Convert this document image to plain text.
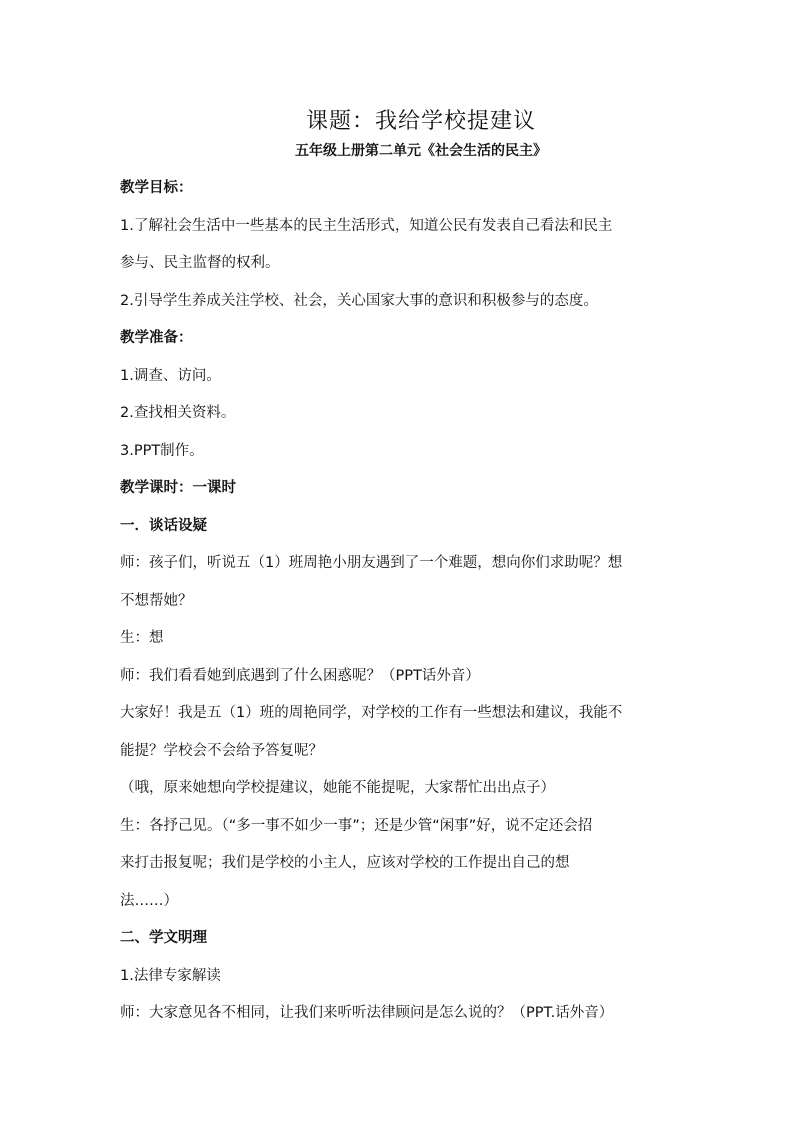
课题：我给学校提建议
五年级上册第二单元《社会生活的民主》
教学目标：
1.了解社会生活中一些基本的民主生活形式，知道公民有发表自己看法和民主
参与、民主监督的权利。
2.引导学生养成关注学校、社会，关心国家大事的意识和积极参与的态度。
教学准备：
1.调查、访问。
2.查找相关资料。
3.PPT制作。
教学课时：一课时
一．谈话设疑
师：孩子们，听说五（1）班周艳小朋友遇到了一个难题，想向你们求助呢？想
不想帮她？
生：想
师：我们看看她到底遇到了什么困惑呢？（PPT话外音）
大家好！我是五（1）班的周艳同学，对学校的工作有一些想法和建议，我能不
能提？学校会不会给予答复呢？
（哦，原来她想向学校提建议，她能不能提呢，大家帮忙出出点子）
生：各抒己见。（“多一事不如少一事”；还是少管“闲事”好，说不定还会招
来打击报复呢；我们是学校的小主人，应该对学校的工作提出自己的想
法……）
二、学文明理
1.法律专家解读
师：大家意见各不相同，让我们来听听法律顾问是怎么说的？（PPT.话外音）
